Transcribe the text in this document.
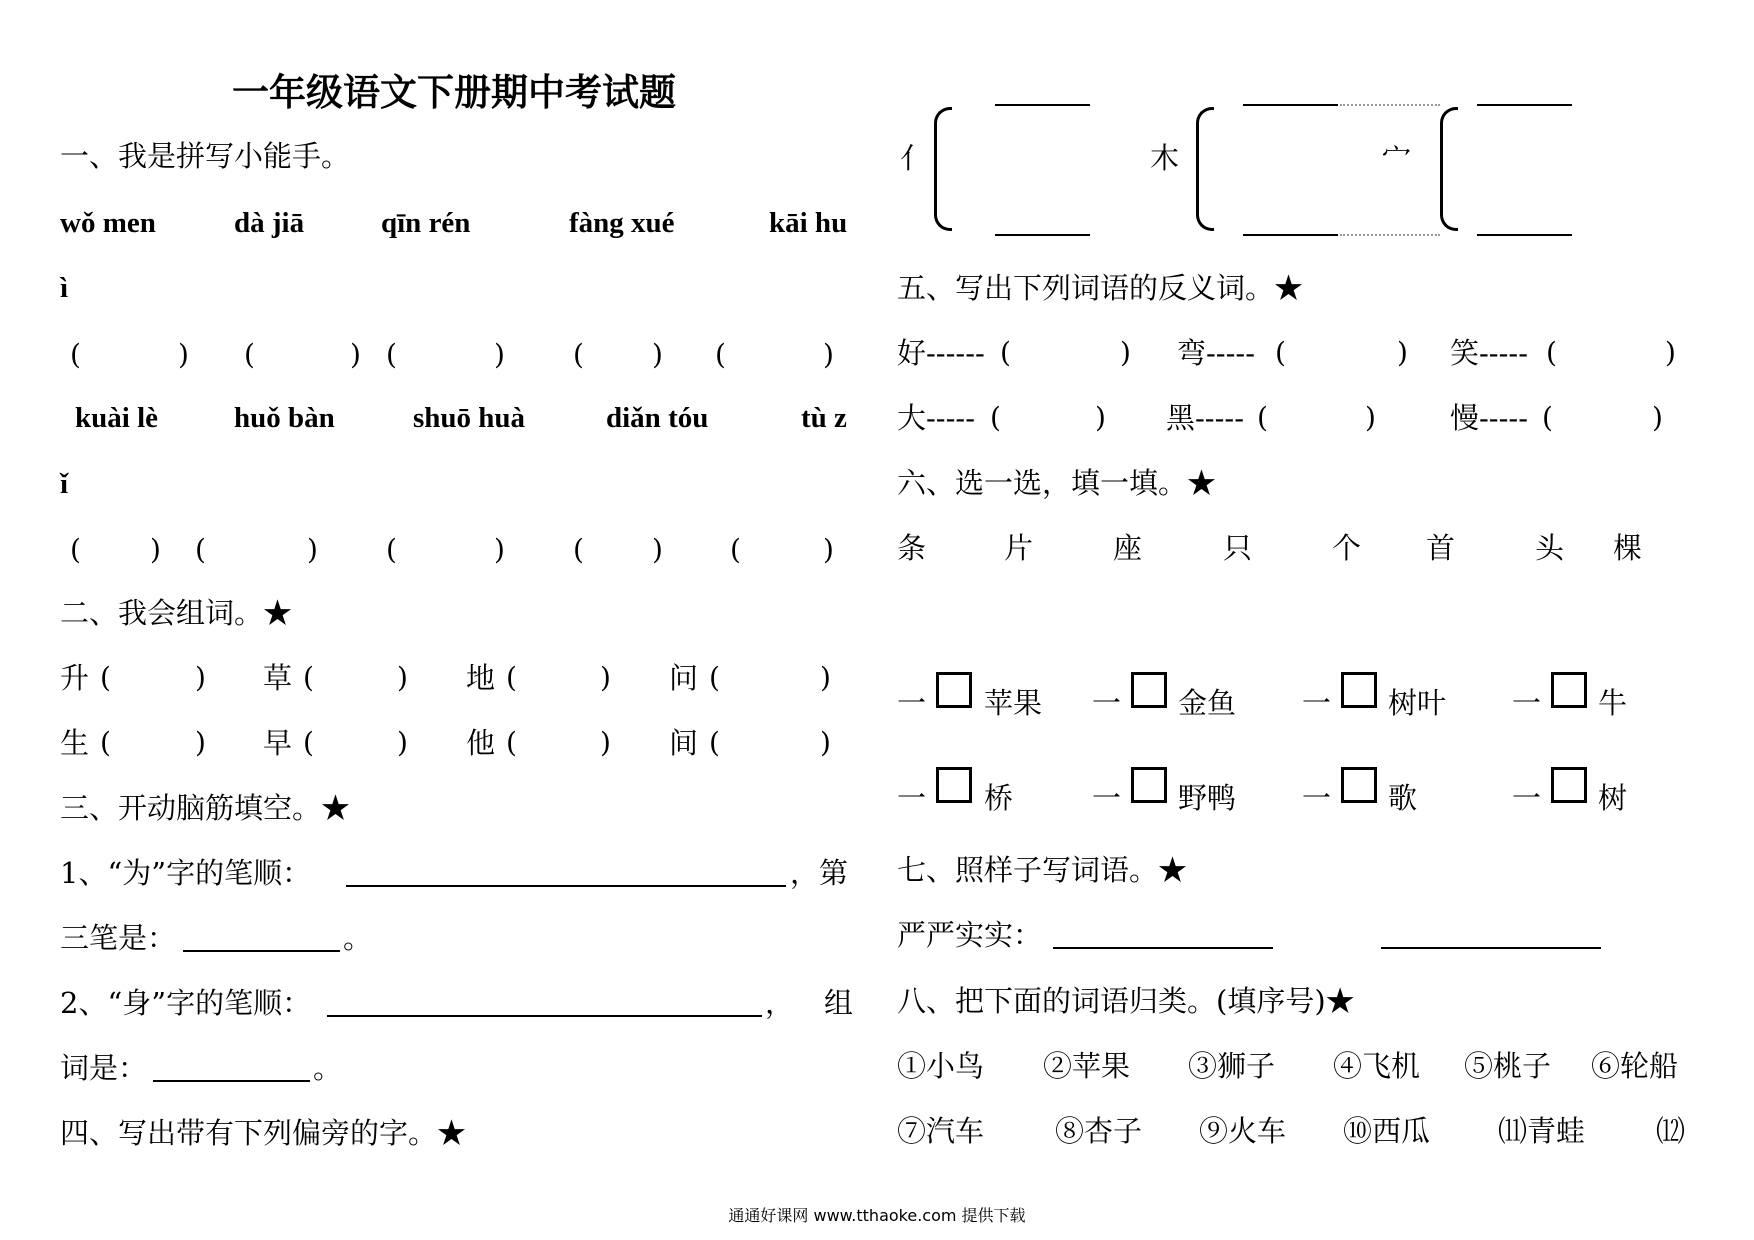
一年级语文下册期中考试题
一、我是拼写小能手。
wǒ men	dà jiā	qīn rén	fàng xué	kāi hu
ì
(	) (	) (	) ( ) (	)
kuài lè	huǒ bàn	shuō huà	diǎn tóu	tù z
ǐ
( ) (	) (	) ( ) (	)
二、我会组词。★
升 (	) 草 (	) 地 (	) 问 (	)
生 (	) 早 (	) 他 (	) 间 (	)
三、开动脑筋填空。★
1、“为”字的笔顺：	，第
三笔是：	。
2、“身”字的笔顺：	， 组
词是：	。
四、写出带有下列偏旁的字。★
亻	木	宀
五、写出下列词语的反义词。★
好------ (	) 弯----- (	) 笑----- (	)
大----- (	) 黑----- (	)	慢----- (	)
六、选一选，填一填。★
条	片	座	只	个 首	头 棵
一 苹果 一 金鱼 一 树叶 一 牛
一 桥	一 野鸭 一 歌	一 树
七、照样子写词语。★
严严实实：
八、把下面的词语归类。(填序号)★
①小鸟 ②苹果 ③狮子 ④飞机 ⑤桃子 ⑥轮船
⑦汽车 ⑧杏子 ⑨火车 ⑩西瓜 ⑾青蛙 ⑿
通通好课网 www.tthaoke.com 提供下载
